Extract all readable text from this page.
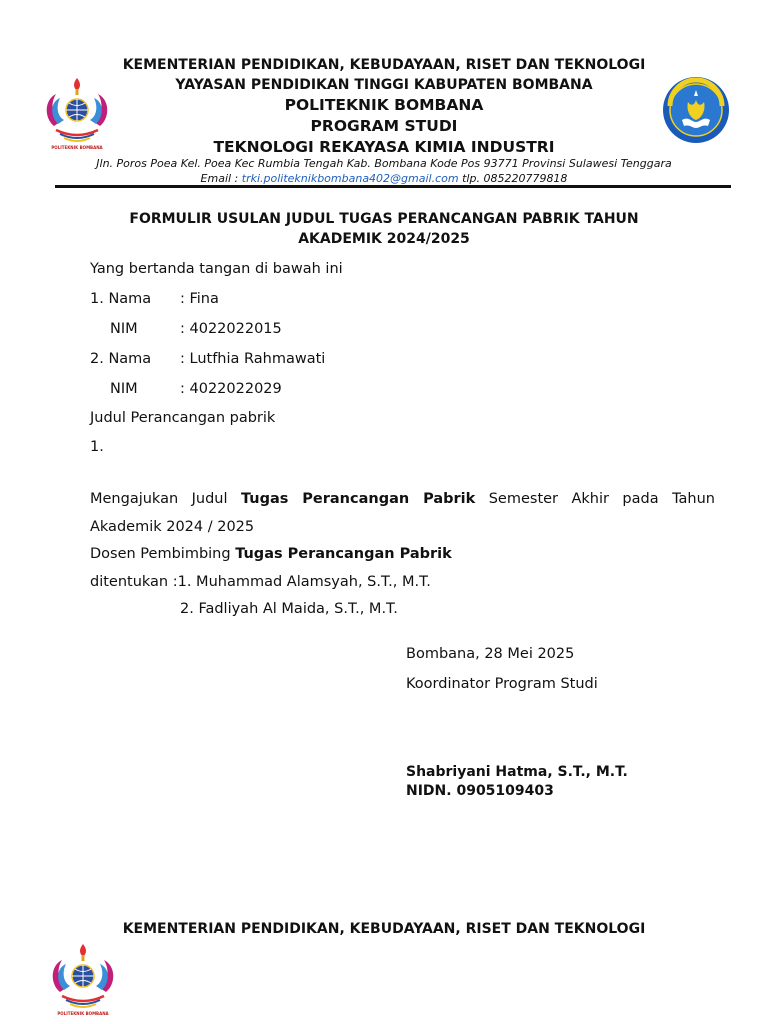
POLITEKNIK BOMBANA
KEMENTERIAN PENDIDIKAN, KEBUDAYAAN, RISET DAN TEKNOLOGI
YAYASAN PENDIDIKAN TINGGI KABUPATEN BOMBANA
POLITEKNIK BOMBANA
PROGRAM STUDI
TEKNOLOGI REKAYASA KIMIA INDUSTRI
Jln. Poros Poea Kel. Poea Kec Rumbia Tengah Kab. Bombana Kode Pos 93771 Provinsi Sulawesi Tenggara
Email : trki.politeknikbombana402@gmail.com tlp. 085220779818
FORMULIR USULAN JUDUL TUGAS PERANCANGAN PABRIK TAHUN
AKADEMIK 2024/2025
Yang bertanda tangan di bawah ini
1. Nama : Fina
NIM	: 4022022015
2. Nama : Lutfhia Rahmawati
NIM	: 4022022029
Judul Perancangan pabrik
1.
Mengajukan Judul Tugas Perancangan Pabrik Semester Akhir pada Tahun
Akademik 2024 / 2025
Dosen Pembimbing Tugas Perancangan Pabrik
ditentukan :1. Muhammad Alamsyah, S.T., M.T.
2. Fadliyah Al Maida, S.T., M.T.
Bombana, 28 Mei 2025
Koordinator Program Studi
Shabriyani Hatma, S.T., M.T.
NIDN. 0905109403
KEMENTERIAN PENDIDIKAN, KEBUDAYAAN, RISET DAN TEKNOLOGI
POLITEKNIK BOMBANA
